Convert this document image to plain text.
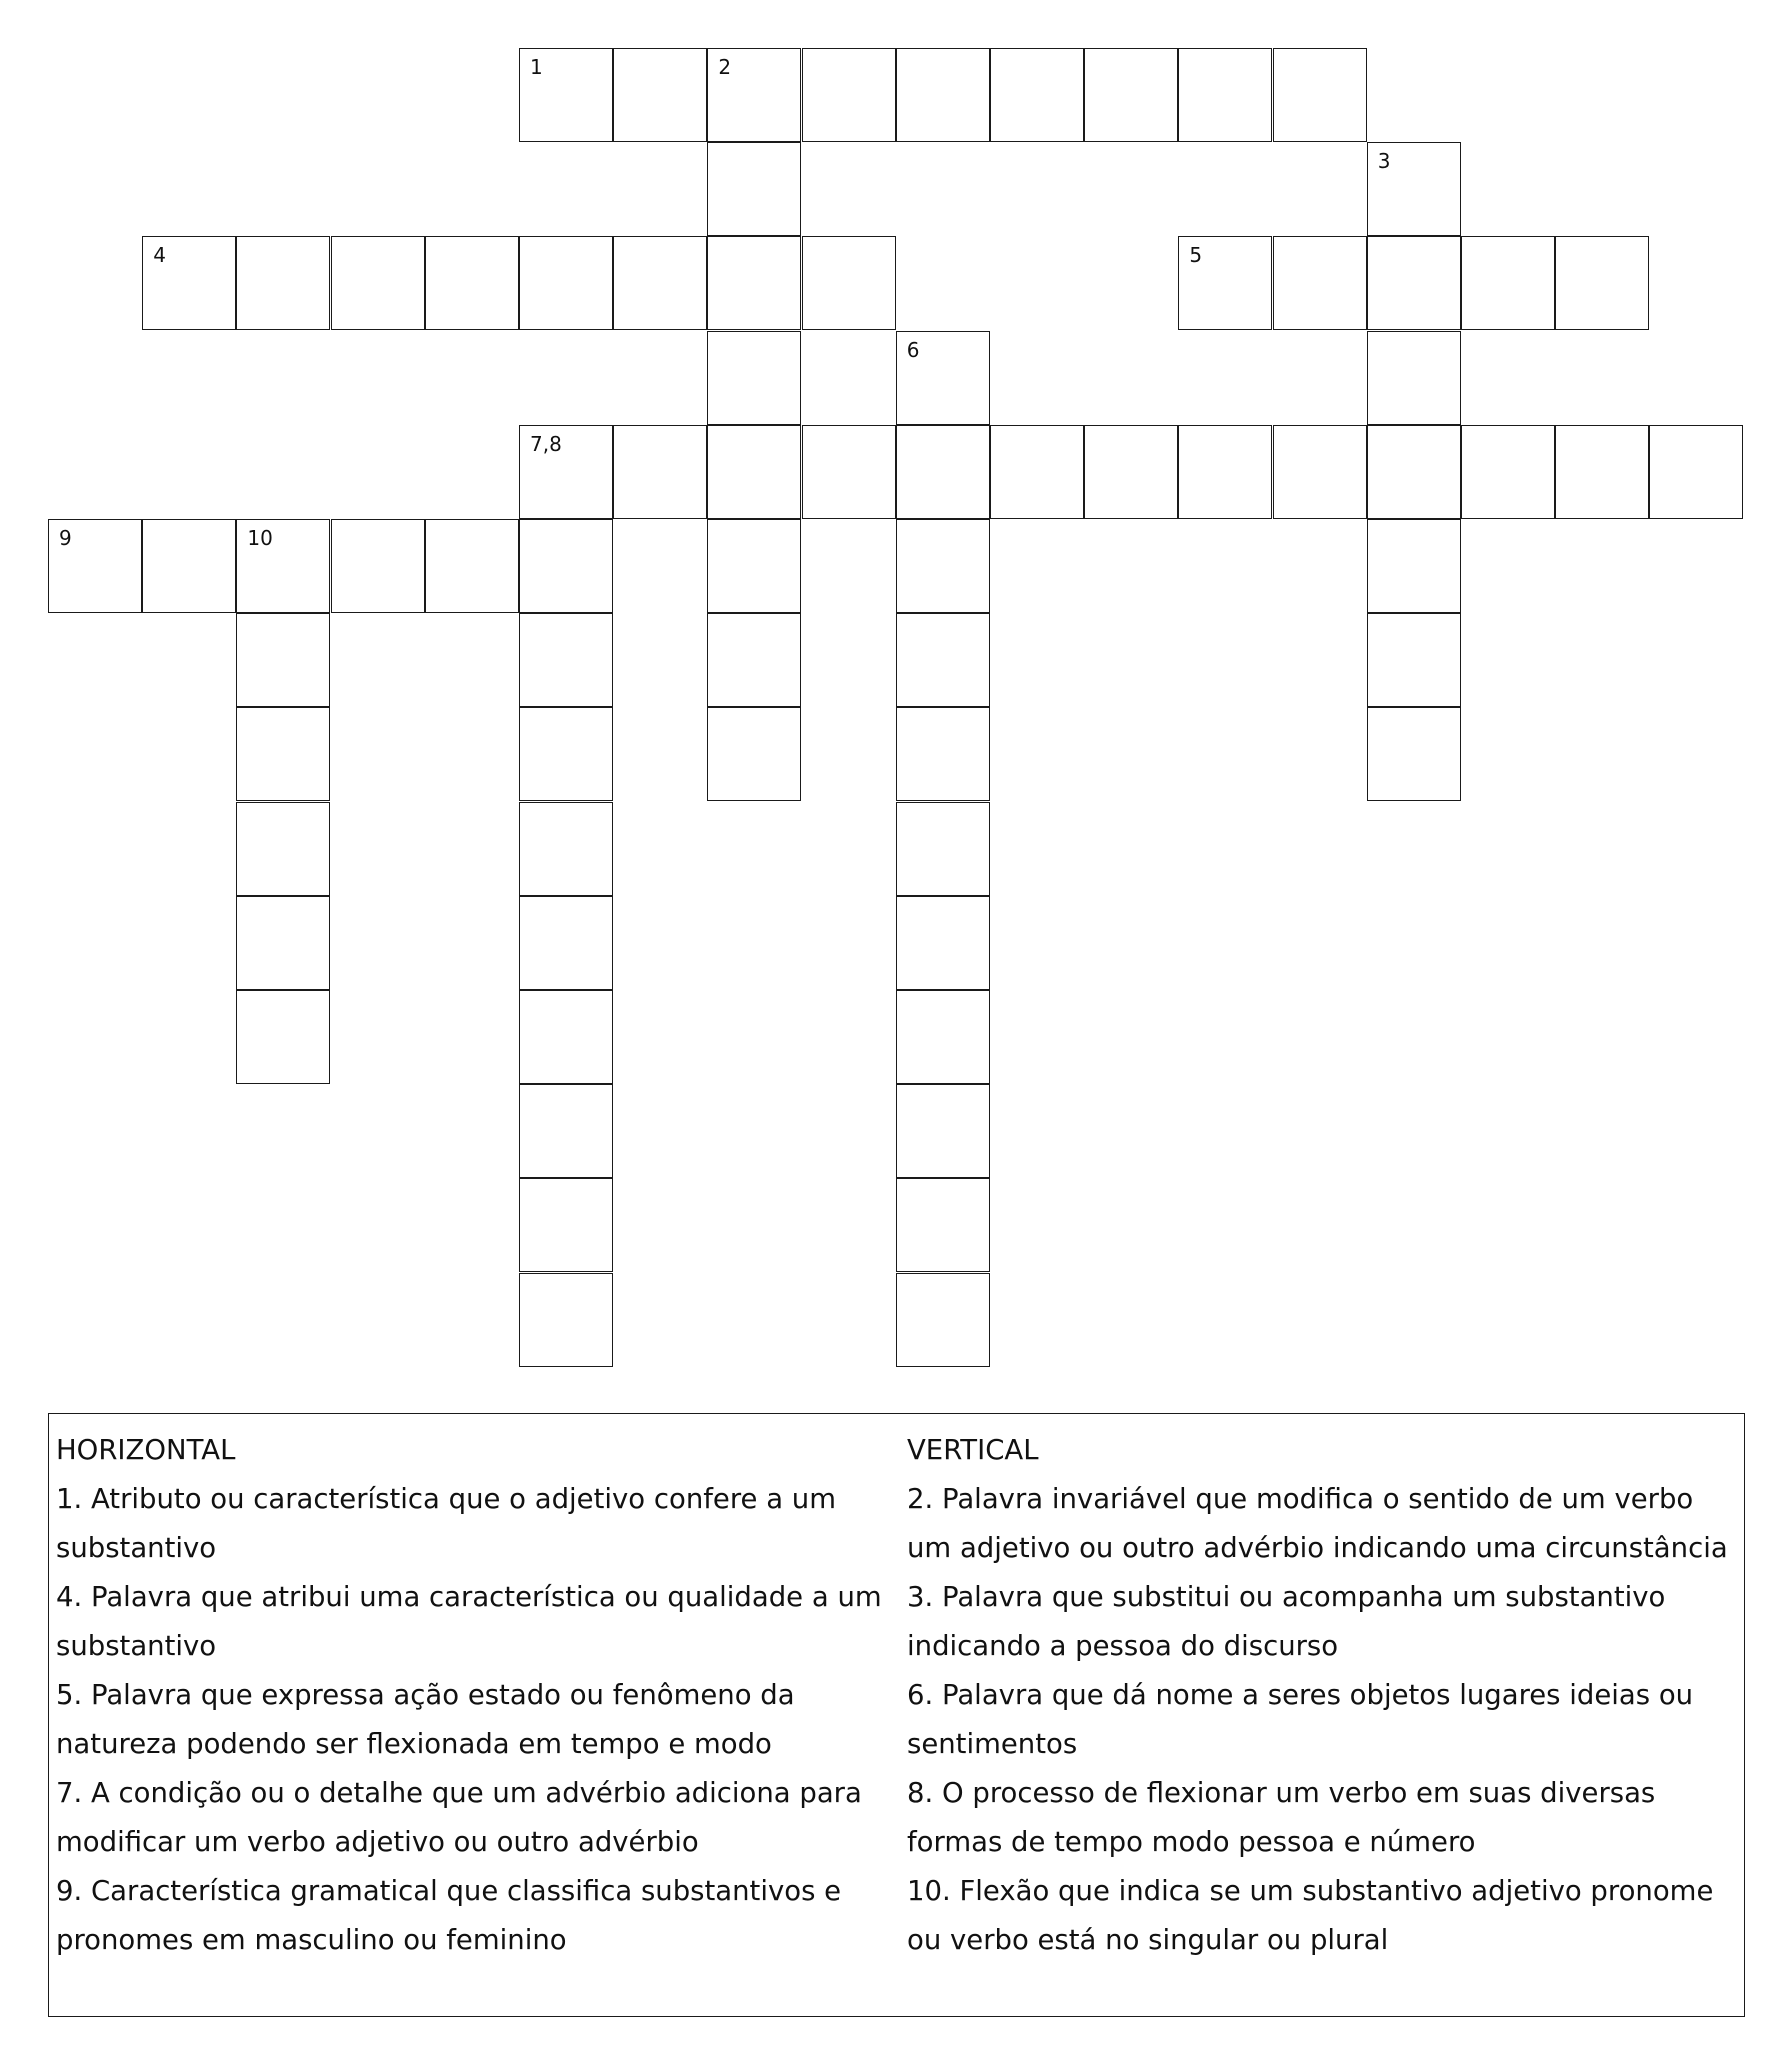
1	2
3
4	5
6
7,8
9	10
HORIZONTAL
1. Atributo ou característica que o adjetivo confere a um substantivo
4. Palavra que atribui uma característica ou qualidade a um substantivo
5. Palavra que expressa ação estado ou fenômeno da natureza podendo ser flexionada em tempo e modo
7. A condição ou o detalhe que um advérbio adiciona para modificar um verbo adjetivo ou outro advérbio
9. Característica gramatical que classifica substantivos e pronomes em masculino ou feminino
VERTICAL
2. Palavra invariável que modifica o sentido de um verbo um adjetivo ou outro advérbio indicando uma circunstância
3. Palavra que substitui ou acompanha um substantivo indicando a pessoa do discurso
6. Palavra que dá nome a seres objetos lugares ideias ou sentimentos
8. O processo de flexionar um verbo em suas diversas formas de tempo modo pessoa e número
10. Flexão que indica se um substantivo adjetivo pronome ou verbo está no singular ou plural
